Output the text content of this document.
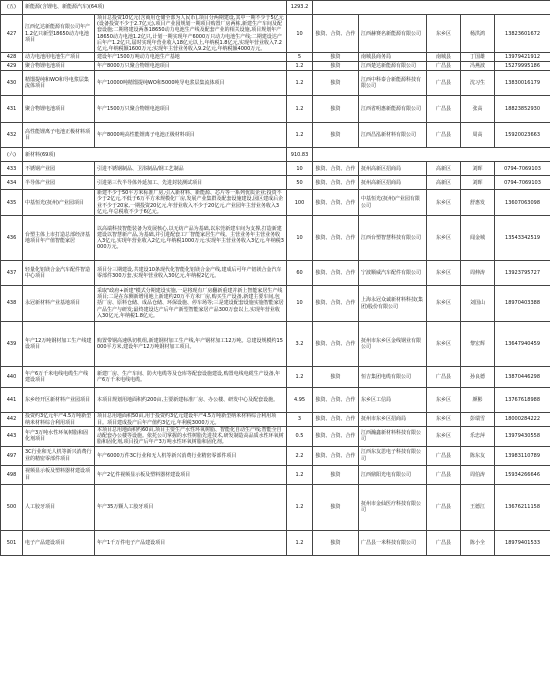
(五)	新能源(含锂电、新能源汽车)(64项)		1293.2					
427	江西亿达新能源有限公司年产1.2亿只新型18650动力电池项目	项目总投资10亿元(含商用仓储全部为人民币),项目分两期建设,其中一期不少于5亿元(设备投资不少于2.7亿元),项目产业园规划一期项目购置厂房两栋,新建生产车间及配套设施;二期将建设两条18650动力电池生产线及配套产业的相关设施,项目规划年产18650动力电池1.2亿只,计划一期实现年产6000万只动力电池生产线;二期建设达产后年产1.2亿只,届时实现年营业收入18亿元以上,年纳税1.8亿元,实现年营业收入7.2亿元,年纳税额1600万元;实现年主营业务收入9.2亿元,年纳税额4000万元。	10	独资、合资、合作	江西赫赛名新能源有限公司	东乡区	杨洪鸿	13823601672
428	动力电池用电池生产项目	建设年产1500万吨动力电池生产基地	5	独资	南城县商务局	南城县	丁国雄	13979421912
429	聚合物锂电池项目	年产8000万只聚合物锂电池项目	1.2	独资	江西楚达新能源有限公司	广昌县	冯燕波	15279995186
430	精馏提纯和WO和导电浆层集流体项目	年产10000吨精馏提纯WO和5000吨导电浆层集流体项目	1.2	独资	江西中科泰合新能源科技有限公司	广昌县	沈习生	13830016179
431	聚合物锂电池项目	年产1500万只聚合物锂电池项目	1.2	独资	江西省明惠新能源有限公司	广昌县	张高	18823852930
432	高性能锂离子电池正极材料项目	年产8000吨高性能锂离子电池正极材料项目	1.2	独资	江西昌泓新材料有限公司	广昌县	周高	15920023663
(六)	新材料(69项)		910.83					
433	不锈钢产业园	引进不锈钢制品、卫浴制品/钢工艺制品	10	独资、合资、合作	抚州高新区招商局	高新区	刘晖	0794-7069103
434	半导体产业园	引进第三代半导体外延加工、先进封装测试项目	50	独资、合资、合作	抚州高新区招商局	高新区	刘晖	0794-7069103
435	中基恒光(抚州)产业园项目	新建不少于50平方米标准厂房,引入新材料、新能源、芯片等一系列优质企业;投资不少于2亿元,不低于6万平方米规模化厂房,发展产业集群及配套设施建设,园区建成后企业不少于20家,一期投资20亿元,年营业收入不少于20亿元,产业园年主营业务收入3亿元,年总税收不少于6亿元。	100	独资、合资、合作	中基恒光(抚州)产业园有限公司	东乡区	舒惠发	13607063098
436	台塑主体上市打造总部经济基地项目年产值智能家居	以高端科技智能装备为发展核心,以无纺产品为基础,以东莞新建车间为支撑,打造新建建设以智慧新产品,为基础,并引进配套工厂智能家居生产线。主营业务年主营业务收入3亿元,实现年营业收入2亿元,年纳税1000万元;实现年主营业务收入3亿元,年纳税3000万元。	10	独资、合资、合作	江西台塑智慧科技有限公司	东乡区	闻金城	13543342519
437	轻量化铝镁合金汽车配件智造中心项目	项目分三期建设,共建设10条现代化智能化铝镁合金产线,建成后可年产铝镁合金汽车零部件300万套,实现年营业收入30亿元,年纳税2亿元。	60	独资、合资、合作	宁波顺威汽车配件有限公司	东乡区	周伸涛	13923795727
438	永冠新材料产业基地项目	采取"政府+新建"模式分期建设实施,一是将现有厂房翻新重建并新上智能家居生产线项目;二是在东侧新增用地上新建约20万平方米厂房,购买生产设备,新建主要车间,包括厂房、原料仓储、成品仓储、环保设施、停车场等;三是建设配套设施实施智能家居产品生产与研发;最终建设达产后年产新型智能家居产品300万套以上,实现年营业收入30亿元,年纳税1.8亿元。	10	独资、合资、合作	上海永冠众诚新材料科技(集团)股份有限公司	东乡区	刘国山	18970403388
439	年产12万吨钢材加工生产线建设项目	购置带钢高速纵切机组,新建钢材加工生产线,年产钢材加工12万吨。总建设规模约15000平方米,建设年产12万吨钢材加工项目。	3.2	独资、合资、合作	抚州市东乡区金线钢业有限公司	东乡区	黎宏辉	13647940459
440	年产6万千米电线电缆生产线建设项目	新建厂房、生产车间、防火电缆等及仓库等配套设施建设,购置电线电缆生产设备,年产6万千米电线电缆。	1.2	独资	恒吉集团电缆有限公司	广昌县	孙良德	13870446298
441	东乡经开区新材料产业园项目	本项目规划用地面积约200亩,主要新建标准厂房、办公楼、研发中心及配套设施。	4.95	独资、合资、合作	东乡区工信局	东乡区	颜彬	13767618988
442	投资约3亿元年产4.5万吨新型纳米材料综合利用项目	项目总用地面积50亩,用于投资约3亿元建设年产4.5万吨新型纳米材料综合利用项目。项目建成投产后年产值约3亿元,年利税3000万元。	3	独资、合资、合作	抚州市东乡区招商局	东乡区	彭瑞雪	18000284222
443	年产3万吨水性环氧树脂和固化剂项目	本项目总用地面积约60亩,项目主要生产水性环氧树脂、智能化自动生产线;智能全自动配套办公楼等设施。依托公司掌握的水性树脂先进技术,研发制造高品质水性环氧树脂和固化剂,项目投产后年产3万吨水性环氧树脂和固化剂。	0.5	独资、合资、合作	江西瀚鑫新材料科技有限公司	东乡区	乐忠萍	13979430558
497	3C行业和无人机等新兴消费行业的精密零部件项目	年产6000万件3C行业和无人机等新兴消费行业精密零部件项目	2.2	独资、合资、合作	江西东友思电子科技有限公司	广昌县	陈东友	13983110789
498	视频显示板及塑料器材建设项目	年产2亿件视频显示板及塑料器材建设项目	1.2	独资	江西鼎阳光电有限公司	广昌县	周伯涛	15934266646
500	人工胶牙项目	年产35万颗人工胶牙项目	1.2	独资	抚州市金仙医疗科技有限公司	广昌县	王德江	13676211158
501	电子产品建设项目	年产1千万件电子产品建设项目	1.2	独资	广昌县一米科技有限公司	广昌县	陈小全	18979401533
